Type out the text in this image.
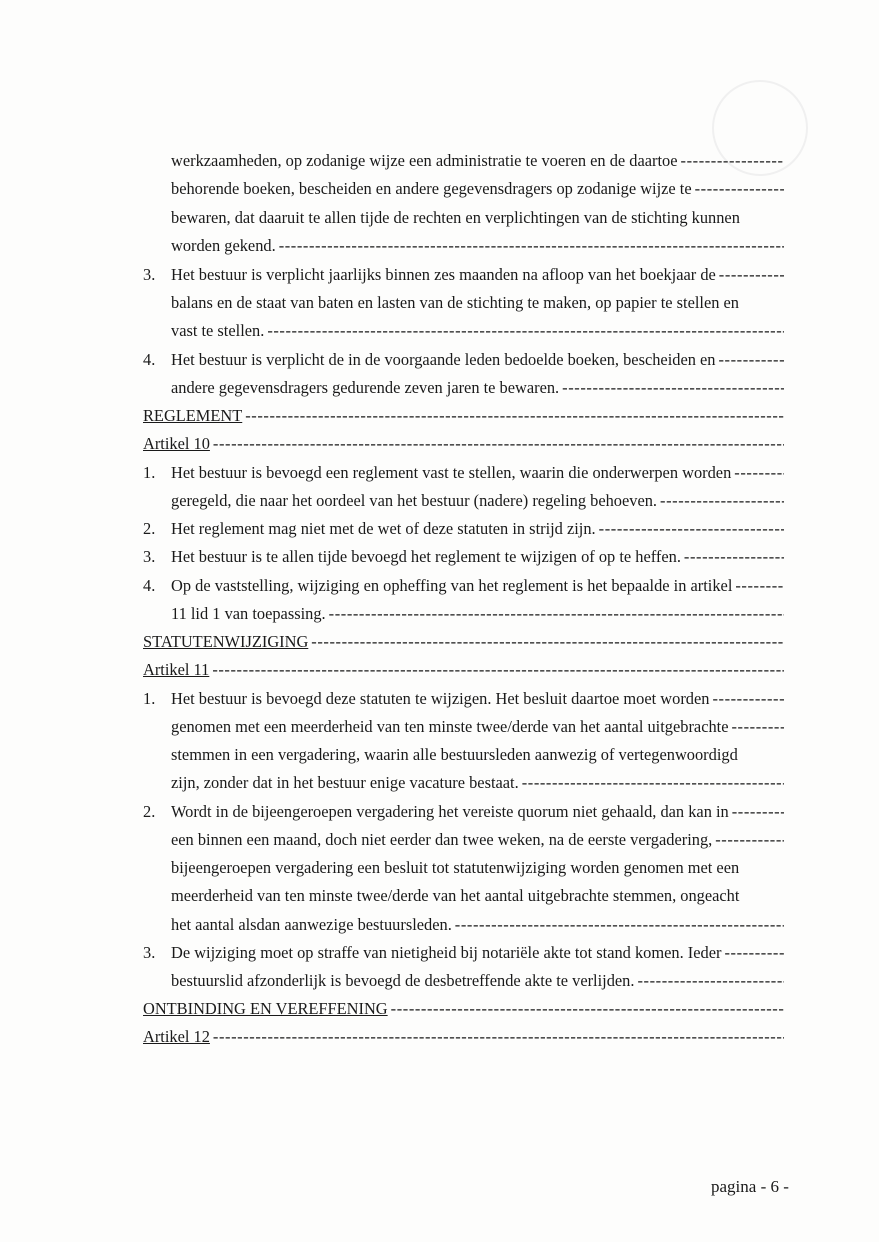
werkzaamheden, op zodanige wijze een administratie te voeren en de daartoe
-----
behorende boeken, bescheiden en andere gegevensdragers op zodanige wijze te
-----
bewaren, dat daaruit te allen tijde de rechten en verplichtingen van de stichting kunnen
worden gekend.
-----
3. Het bestuur is verplicht jaarlijks binnen zes maanden na afloop van het boekjaar de
-----
balans en de staat van baten en lasten van de stichting te maken, op papier te stellen en
vast te stellen.
-----
4. Het bestuur is verplicht de in de voorgaande leden bedoelde boeken, bescheiden en
-----
andere gegevensdragers gedurende zeven jaren te bewaren.
-----
REGLEMENT
-----
Artikel 10
-----
1. Het bestuur is bevoegd een reglement vast te stellen, waarin die onderwerpen worden
-----
geregeld, die naar het oordeel van het bestuur (nadere) regeling behoeven.
-----
2. Het reglement mag niet met de wet of deze statuten in strijd zijn.
-----
3. Het bestuur is te allen tijde bevoegd het reglement te wijzigen of op te heffen.
-----
4. Op de vaststelling, wijziging en opheffing van het reglement is het bepaalde in artikel
-----
11 lid 1 van toepassing.
-----
STATUTENWIJZIGING
-----
Artikel 11
-----
1. Het bestuur is bevoegd deze statuten te wijzigen. Het besluit daartoe moet worden
-----
genomen met een meerderheid van ten minste twee/derde van het aantal uitgebrachte
-----
stemmen in een vergadering, waarin alle bestuursleden aanwezig of vertegenwoordigd
zijn, zonder dat in het bestuur enige vacature bestaat.
-----
2. Wordt in de bijeengeroepen vergadering het vereiste quorum niet gehaald, dan kan in
-----
een binnen een maand, doch niet eerder dan twee weken, na de eerste vergadering,
-----
bijeengeroepen vergadering een besluit tot statutenwijziging worden genomen met een
meerderheid van ten minste twee/derde van het aantal uitgebrachte stemmen, ongeacht
het aantal alsdan aanwezige bestuursleden.
-----
3. De wijziging moet op straffe van nietigheid bij notariële akte tot stand komen. Ieder
-----
bestuurslid afzonderlijk is bevoegd de desbetreffende akte te verlijden.
-----
ONTBINDING EN VEREFFENING
-----
Artikel 12
-----
pagina - 6 -
